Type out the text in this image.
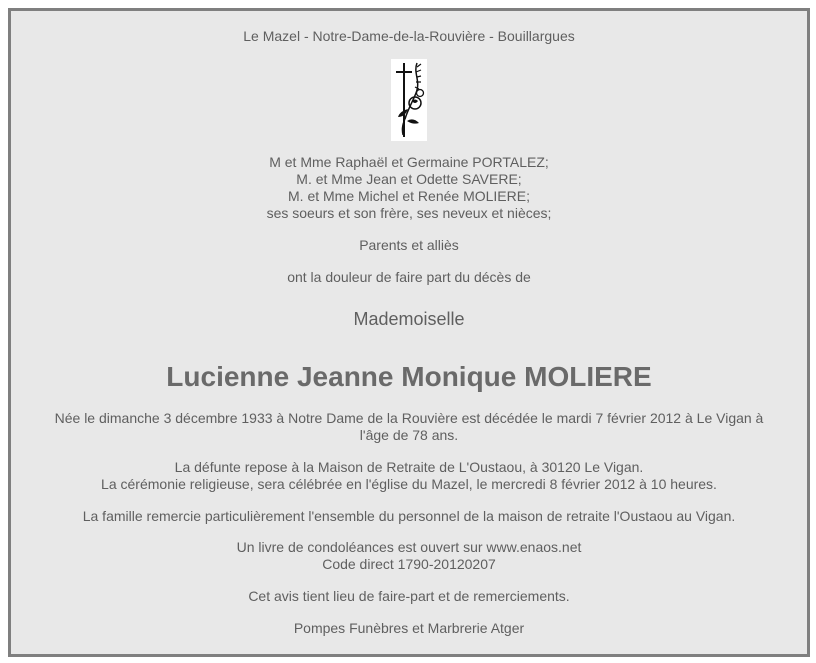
Le Mazel - Notre-Dame-de-la-Rouvière - Bouillargues
M et Mme Raphaël et Germaine PORTALEZ;
M. et Mme Jean et Odette SAVERE;
M. et Mme Michel et Renée MOLIERE;
ses soeurs et son frère, ses neveux et nièces;
Parents et alliès
ont la douleur de faire part du décès de
Mademoiselle
Lucienne Jeanne Monique MOLIERE
Née le dimanche 3 décembre 1933 à Notre Dame de la Rouvière est décédée le mardi 7 février 2012 à Le Vigan à
l'âge de 78 ans.
La défunte repose à la Maison de Retraite de L'Oustaou, à 30120 Le Vigan.
La cérémonie religieuse, sera célébrée en l'église du Mazel, le mercredi 8 février 2012 à 10 heures.
La famille remercie particulièrement l'ensemble du personnel de la maison de retraite l'Oustaou au Vigan.
Un livre de condoléances est ouvert sur www.enaos.net
Code direct 1790-20120207
Cet avis tient lieu de faire-part et de remerciements.
Pompes Funèbres et Marbrerie Atger
